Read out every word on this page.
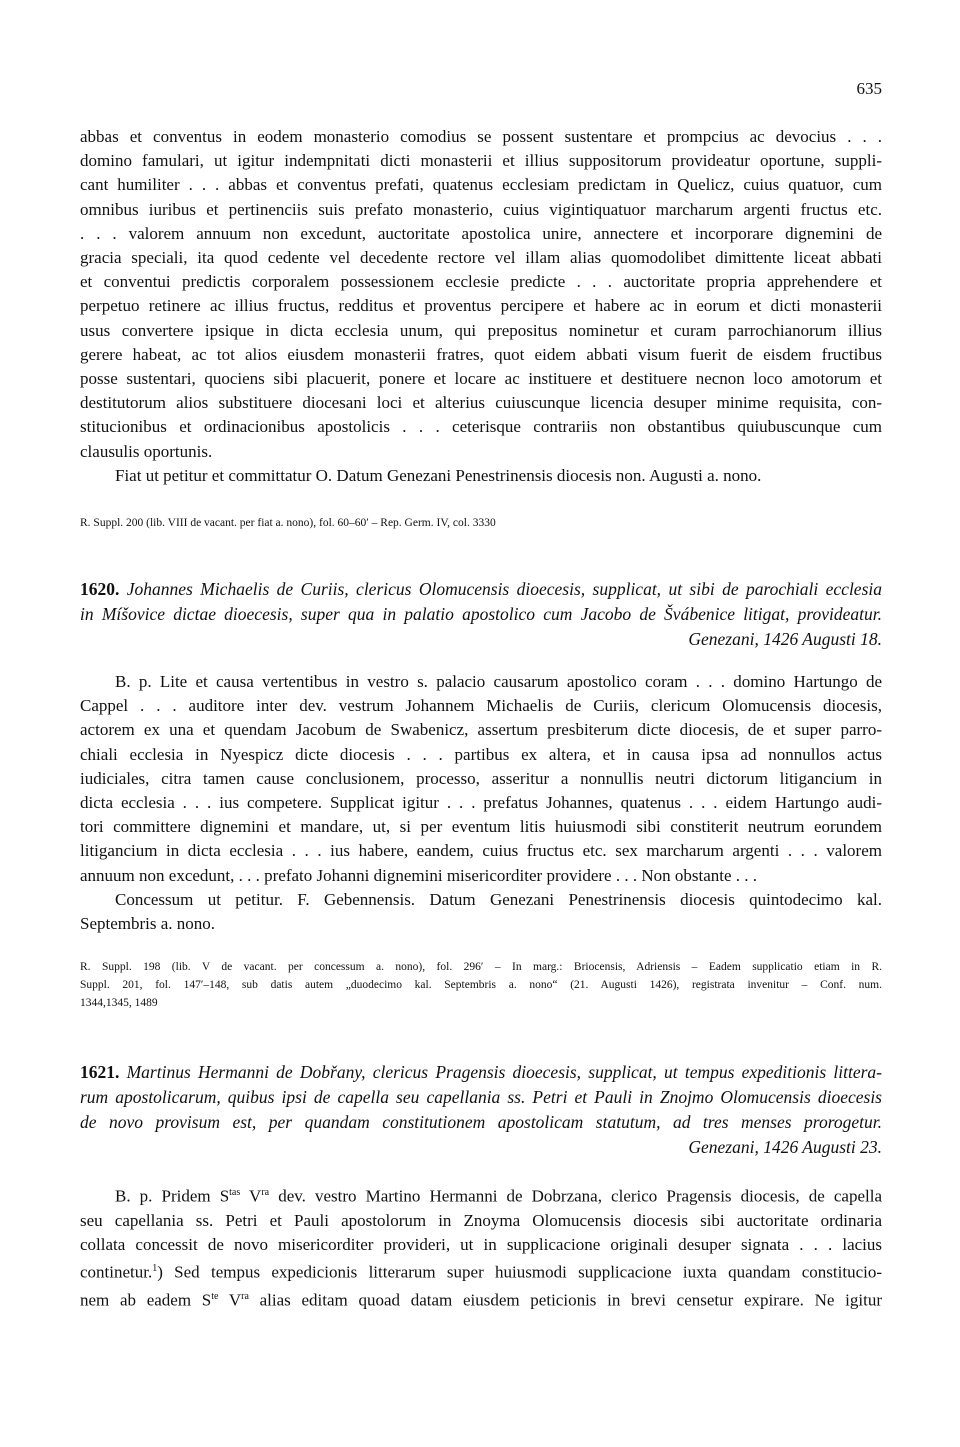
635
abbas et conventus in eodem monasterio comodius se possent sustentare et prompcius ac devocius . . .
domino famulari, ut igitur indempnitati dicti monasterii et illius suppositorum provideatur oportune, suppli-
cant humiliter . . . abbas et conventus prefati, quatenus ecclesiam predictam in Quelicz, cuius quatuor, cum
omnibus iuribus et pertinenciis suis prefato monasterio, cuius vigintiquatuor marcharum argenti fructus etc.
. . . valorem annuum non excedunt, auctoritate apostolica unire, annectere et incorporare dignemini de
gracia speciali, ita quod cedente vel decedente rectore vel illam alias quomodolibet dimittente liceat abbati
et conventui predictis corporalem possessionem ecclesie predicte . . . auctoritate propria apprehendere et
perpetuo retinere ac illius fructus, redditus et proventus percipere et habere ac in eorum et dicti monasterii
usus convertere ipsique in dicta ecclesia unum, qui prepositus nominetur et curam parrochianorum illius
gerere habeat, ac tot alios eiusdem monasterii fratres, quot eidem abbati visum fuerit de eisdem fructibus
posse sustentari, quociens sibi placuerit, ponere et locare ac instituere et destituere necnon loco amotorum et
destitutorum alios substituere diocesani loci et alterius cuiuscunque licencia desuper minime requisita, con-
stitucionibus et ordinacionibus apostolicis . . . ceterisque contrariis non obstantibus quiubuscunque cum
clausulis oportunis.
Fiat ut petitur et committatur O. Datum Genezani Penestrinensis diocesis non. Augusti a. nono.
R. Suppl. 200 (lib. VIII de vacant. per fiat a. nono), fol. 60–60′ – Rep. Germ. IV, col. 3330
1620. Johannes Michaelis de Curiis, clericus Olomucensis dioecesis, supplicat, ut sibi de parochiali ecclesia
in Míšovice dictae dioecesis, super qua in palatio apostolico cum Jacobo de Švábenice litigat, provideatur.
Genezani, 1426 Augusti 18.
B. p. Lite et causa vertentibus in vestro s. palacio causarum apostolico coram . . . domino Hartungo de
Cappel . . . auditore inter dev. vestrum Johannem Michaelis de Curiis, clericum Olomucensis diocesis,
actorem ex una et quendam Jacobum de Swabenicz, assertum presbiterum dicte diocesis, de et super parro-
chiali ecclesia in Nyespicz dicte diocesis . . . partibus ex altera, et in causa ipsa ad nonnullos actus
iudiciales, citra tamen cause conclusionem, processo, asseritur a nonnullis neutri dictorum litigancium in
dicta ecclesia . . . ius competere. Supplicat igitur . . . prefatus Johannes, quatenus . . . eidem Hartungo audi-
tori committere dignemini et mandare, ut, si per eventum litis huiusmodi sibi constiterit neutrum eorundem
litigancium in dicta ecclesia . . . ius habere, eandem, cuius fructus etc. sex marcharum argenti . . . valorem
annuum non excedunt, . . . prefato Johanni dignemini misericorditer providere . . . Non obstante . . .
Concessum ut petitur. F. Gebennensis. Datum Genezani Penestrinensis diocesis quintodecimo kal.
Septembris a. nono.
R. Suppl. 198 (lib. V de vacant. per concessum a. nono), fol. 296′ – In marg.: Briocensis, Adriensis – Eadem supplicatio etiam in R.
Suppl. 201, fol. 147′–148, sub datis autem „duodecimo kal. Septembris a. nono“ (21. Augusti 1426), registrata invenitur – Conf. num.
1344,1345, 1489
1621. Martinus Hermanni de Dobřany, clericus Pragensis dioecesis, supplicat, ut tempus expeditionis littera-
rum apostolicarum, quibus ipsi de capella seu capellania ss. Petri et Pauli in Znojmo Olomucensis dioecesis
de novo provisum est, per quandam constitutionem apostolicam statutum, ad tres menses prorogetur.
Genezani, 1426 Augusti 23.
B. p. Pridem $S^{tas}$ $V^{ra}$ dev. vestro Martino Hermanni de Dobrzana, clerico Pragensis diocesis, de capella
seu capellania ss. Petri et Pauli apostolorum in Znoyma Olomucensis diocesis sibi auctoritate ordinaria
collata concessit de novo misericorditer provideri, ut in supplicacione originali desuper signata . . . lacius
continetur.$^1$) Sed tempus expedicionis litterarum super huiusmodi supplicacione iuxta quandam constitucio-
nem ab eadem $S^{te}$ $V^{ra}$ alias editam quoad datam eiusdem peticionis in brevi censetur expirare. Ne igitur
